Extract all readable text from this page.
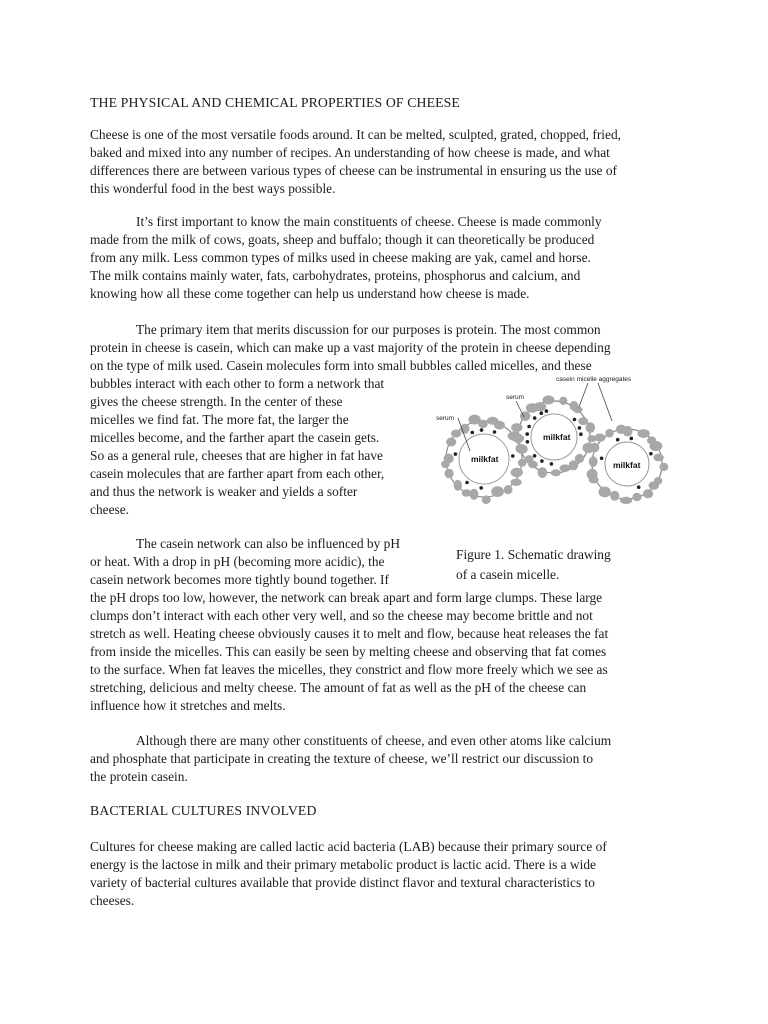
THE PHYSICAL AND CHEMICAL PROPERTIES OF CHEESE
Cheese is one of the most versatile foods around. It can be melted, sculpted, grated, chopped, fried,
baked and mixed into any number of recipes. An understanding of how cheese is made, and what
differences there are between various types of cheese can be instrumental in ensuring us the use of
this wonderful food in the best ways possible.
It’s first important to know the main constituents of cheese. Cheese is made commonly
made from the milk of cows, goats, sheep and buffalo; though it can theoretically be produced
from any milk. Less common types of milks used in cheese making are yak, camel and horse.
The milk contains mainly water, fats, carbohydrates, proteins, phosphorus and calcium, and
knowing how all these come together can help us understand how cheese is made.
The primary item that merits discussion for our purposes is protein. The most common
protein in cheese is casein, which can make up a vast majority of the protein in cheese depending
on the type of milk used. Casein molecules form into small bubbles called micelles, and these
bubbles interact with each other to form a network that
gives the cheese strength. In the center of these
micelles we find fat. The more fat, the larger the
micelles become, and the farther apart the casein gets.
So as a general rule, cheeses that are higher in fat have
casein molecules that are farther apart from each other,
and thus the network is weaker and yields a softer
cheese.
casein micelle aggregates
serum
serum
milkfat
milkfat
milkfat
Figure 1. Schematic drawing
of a casein micelle.
The casein network can also be influenced by pH
or heat. With a drop in pH (becoming more acidic), the
casein network becomes more tightly bound together. If
the pH drops too low, however, the network can break apart and form large clumps. These large
clumps don’t interact with each other very well, and so the cheese may become brittle and not
stretch as well. Heating cheese obviously causes it to melt and flow, because heat releases the fat
from inside the micelles. This can easily be seen by melting cheese and observing that fat comes
to the surface. When fat leaves the micelles, they constrict and flow more freely which we see as
stretching, delicious and melty cheese. The amount of fat as well as the pH of the cheese can
influence how it stretches and melts.
Although there are many other constituents of cheese, and even other atoms like calcium
and phosphate that participate in creating the texture of cheese, we’ll restrict our discussion to
the protein casein.
BACTERIAL CULTURES INVOLVED
Cultures for cheese making are called lactic acid bacteria (LAB) because their primary source of
energy is the lactose in milk and their primary metabolic product is lactic acid. There is a wide
variety of bacterial cultures available that provide distinct flavor and textural characteristics to
cheeses.
